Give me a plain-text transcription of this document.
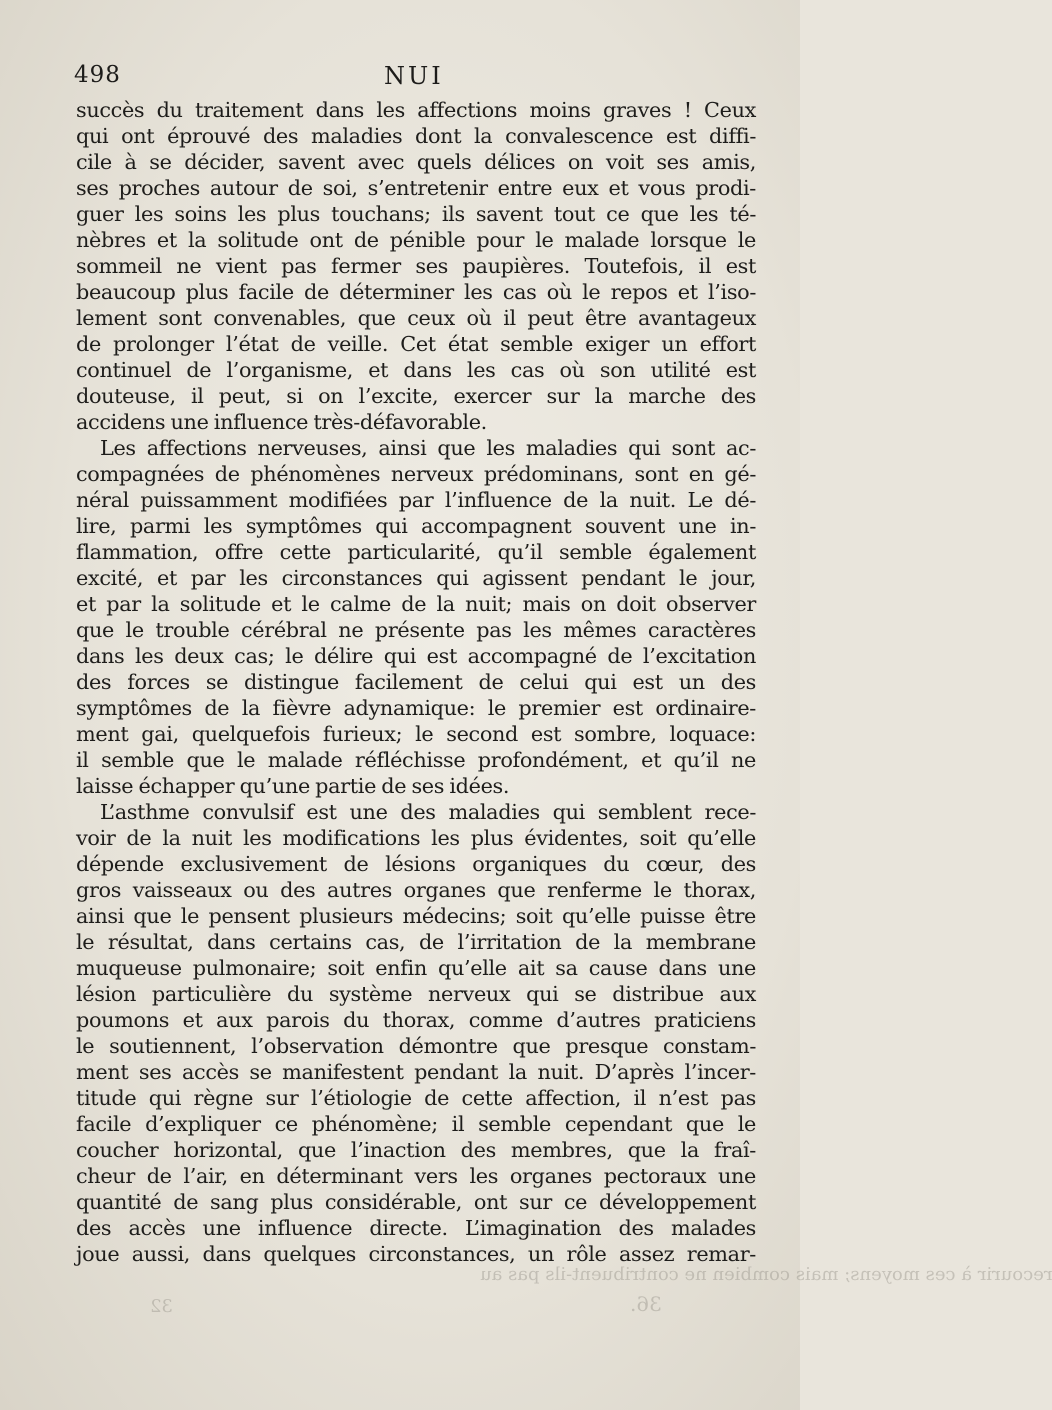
498	NUI
succès du traitement dans les affections moins graves ! Ceux
qui ont éprouvé des maladies dont la convalescence est diffi-
cile à se décider, savent avec quels délices on voit ses amis,
ses proches autour de soi, s’entretenir entre eux et vous prodi-
guer les soins les plus touchans; ils savent tout ce que les té-
nèbres et la solitude ont de pénible pour le malade lorsque le
sommeil ne vient pas fermer ses paupières. Toutefois, il est
beaucoup plus facile de déterminer les cas où le repos et l’iso-
lement sont convenables, que ceux où il peut être avantageux
de prolonger l’état de veille. Cet état semble exiger un effort
continuel de l’organisme, et dans les cas où son utilité est
douteuse, il peut, si on l’excite, exercer sur la marche des
accidens une influence très-défavorable.
Les affections nerveuses, ainsi que les maladies qui sont ac-
compagnées de phénomènes nerveux prédominans, sont en gé-
néral puissamment modifiées par l’influence de la nuit. Le dé-
lire, parmi les symptômes qui accompagnent souvent une in-
flammation, offre cette particularité, qu’il semble également
excité, et par les circonstances qui agissent pendant le jour,
et par la solitude et le calme de la nuit; mais on doit observer
que le trouble cérébral ne présente pas les mêmes caractères
dans les deux cas; le délire qui est accompagné de l’excitation
des forces se distingue facilement de celui qui est un des
symptômes de la fièvre adynamique: le premier est ordinaire-
ment gai, quelquefois furieux; le second est sombre, loquace:
il semble que le malade réfléchisse profondément, et qu’il ne
laisse échapper qu’une partie de ses idées.
L’asthme convulsif est une des maladies qui semblent rece-
voir de la nuit les modifications les plus évidentes, soit qu’elle
dépende exclusivement de lésions organiques du cœur, des
gros vaisseaux ou des autres organes que renferme le thorax,
ainsi que le pensent plusieurs médecins; soit qu’elle puisse être
le résultat, dans certains cas, de l’irritation de la membrane
muqueuse pulmonaire; soit enfin qu’elle ait sa cause dans une
lésion particulière du système nerveux qui se distribue aux
poumons et aux parois du thorax, comme d’autres praticiens
le soutiennent, l’observation démontre que presque constam-
ment ses accès se manifestent pendant la nuit. D’après l’incer-
titude qui règne sur l’étiologie de cette affection, il n’est pas
facile d’expliquer ce phénomène; il semble cependant que le
coucher horizontal, que l’inaction des membres, que la fraî-
cheur de l’air, en déterminant vers les organes pectoraux une
quantité de sang plus considérable, ont sur ce développement
des accès une influence directe. L’imagination des malades
joue aussi, dans quelques circonstances, un rôle assez remar-
recourir à ces moyens; mais combien ne contribuent-ils pas au
36.
32
